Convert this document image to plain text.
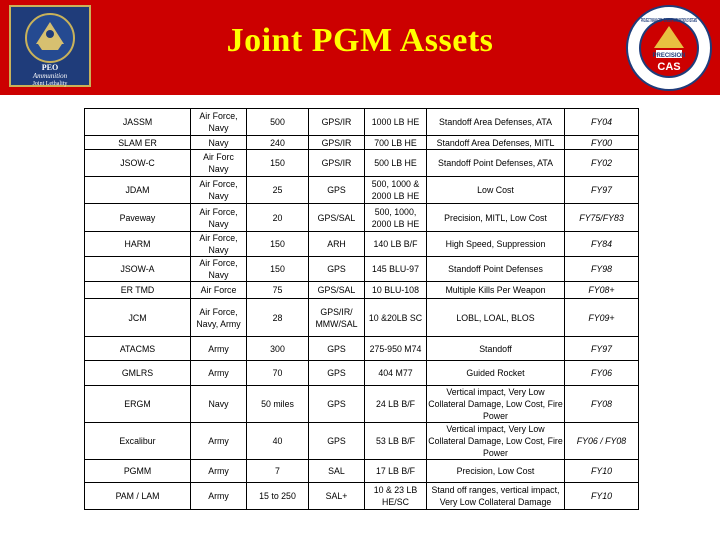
PEO
Ammunition
Joint Lethality
Joint PGM Assets
PROJECT MANAGER · COMBAT AMMUNITION SYSTEMS
PRECISION
CAS
JASSM	Air Force, Navy	500	GPS/IR	1000 LB HE	Standoff Area Defenses, ATA	FY04
SLAM ER	Navy	240	GPS/IR	700 LB HE	Standoff Area Defenses, MITL	FY00
JSOW-C	Air Forc Navy	150	GPS/IR	500 LB HE	Standoff Point Defenses, ATA	FY02
JDAM	Air Force, Navy	25	GPS	500, 1000 & 2000 LB HE	Low Cost	FY97
Paveway	Air Force, Navy	20	GPS/SAL	500, 1000, 2000 LB HE	Precision, MITL, Low Cost	FY75/FY83
HARM	Air Force, Navy	150	ARH	140 LB B/F	High Speed, Suppression	FY84
JSOW-A	Air Force, Navy	150	GPS	145 BLU-97	Standoff Point Defenses	FY98
ER TMD	Air Force	75	GPS/SAL	10 BLU-108	Multiple Kills Per Weapon	FY08+
JCM	Air Force, Navy, Army	28	GPS/IR/ MMW/SAL	10 &20LB SC	LOBL, LOAL, BLOS	FY09+
ATACMS	Army	300	GPS	275-950 M74	Standoff	FY97
GMLRS	Army	70	GPS	404 M77	Guided Rocket	FY06
ERGM	Navy	50 miles	GPS	24 LB B/F	Vertical impact, Very Low Collateral Damage, Low Cost, Fire Power	FY08
Excalibur	Army	40	GPS	53 LB B/F	Vertical impact, Very Low Collateral Damage, Low Cost, Fire Power	FY06 / FY08
PGMM	Army	7	SAL	17 LB B/F	Precision, Low Cost	FY10
PAM / LAM	Army	15 to 250	SAL+	10 & 23 LB HE/SC	Stand off ranges, vertical impact, Very Low Collateral Damage	FY10
